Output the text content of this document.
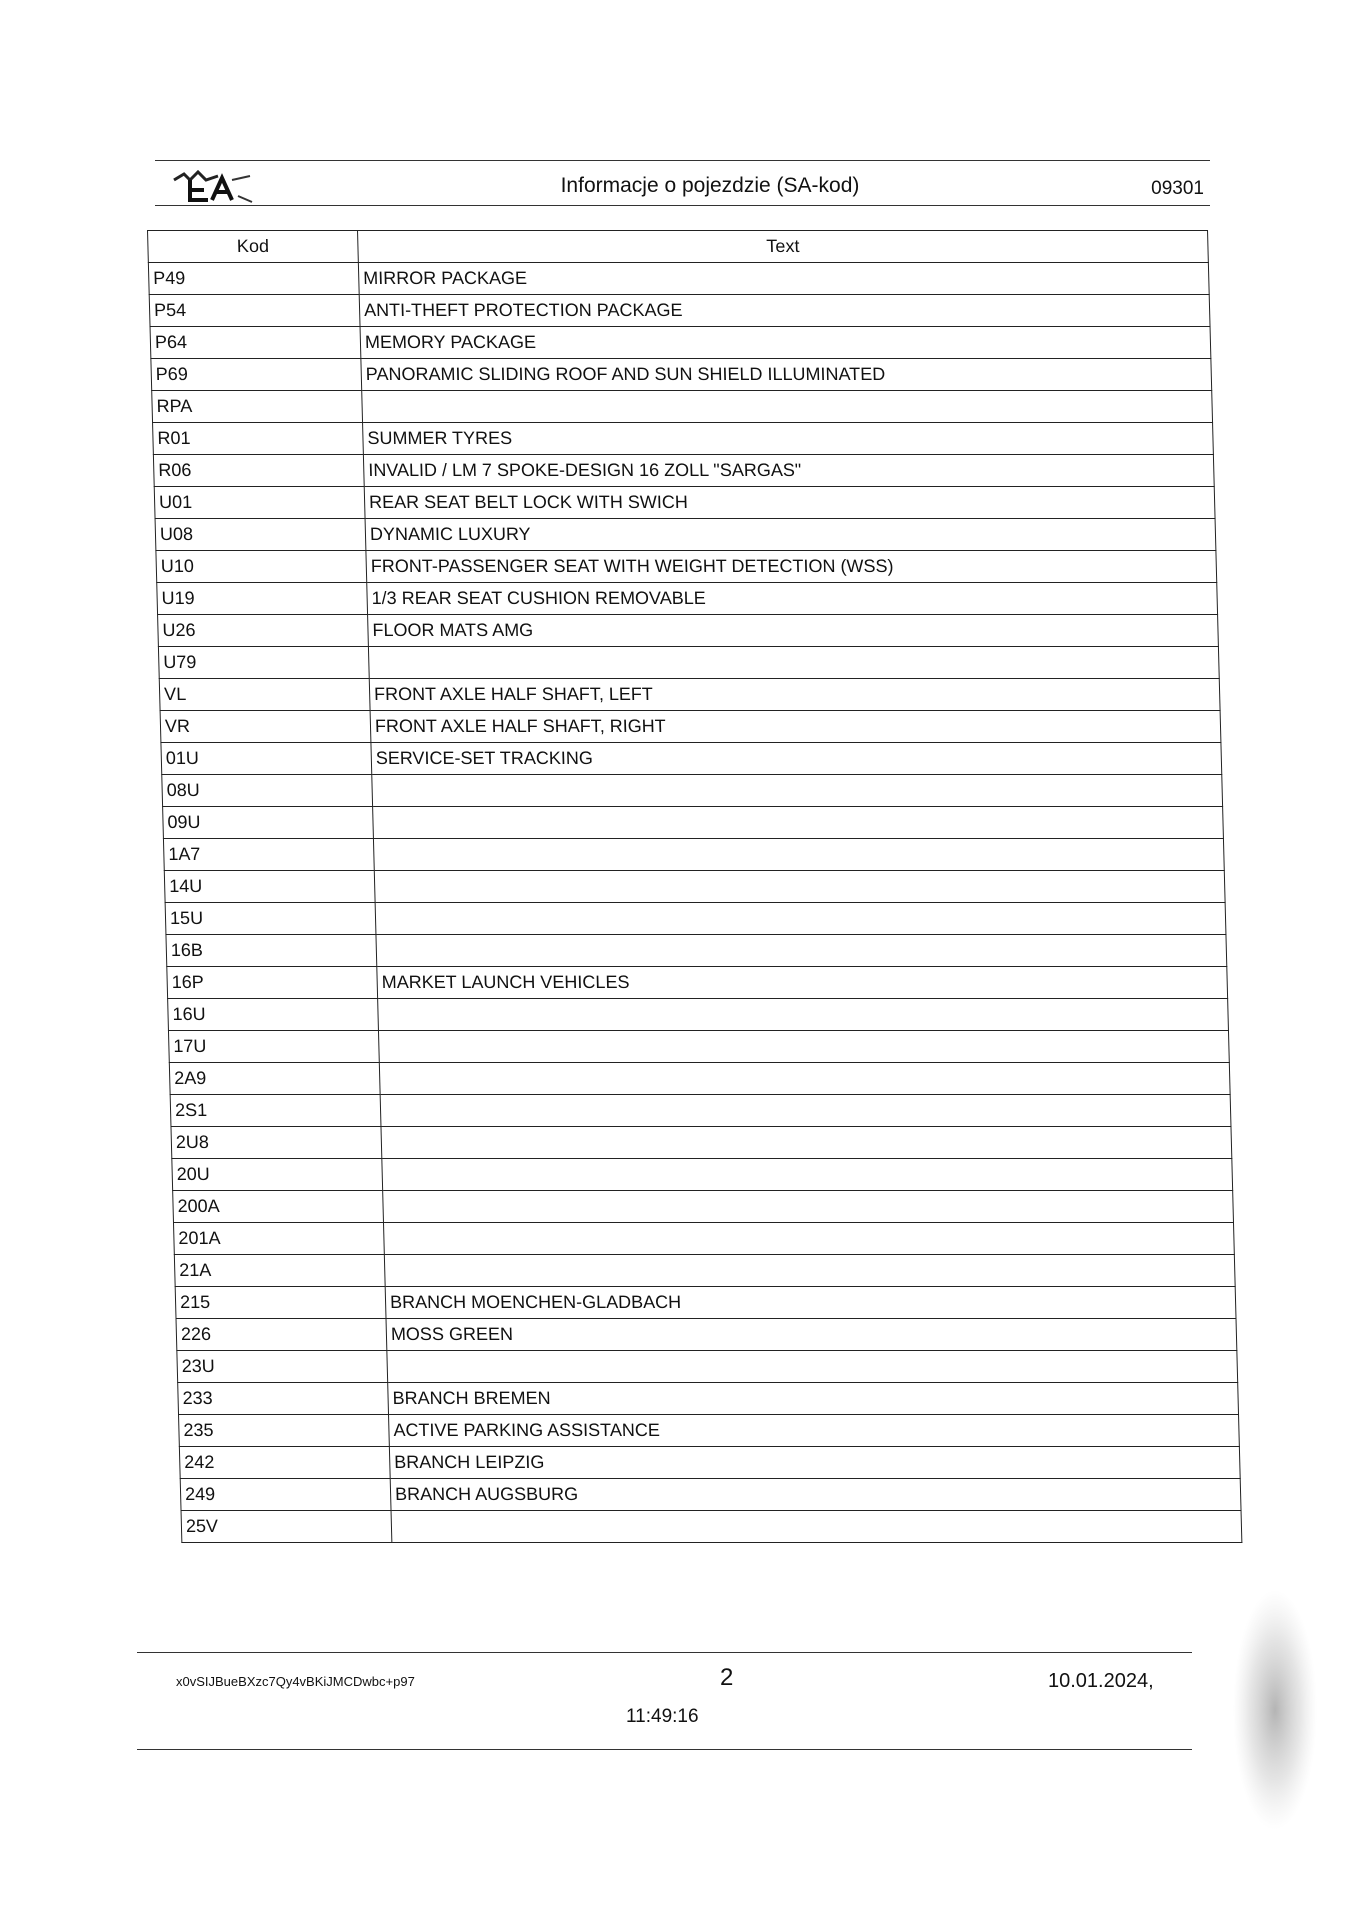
Informacje o pojezdzie (SA-kod)	09301
Kod	Text
P49	MIRROR PACKAGE
P54	ANTI-THEFT PROTECTION PACKAGE
P64	MEMORY PACKAGE
P69	PANORAMIC SLIDING ROOF AND SUN SHIELD ILLUMINATED
RPA	
R01	SUMMER TYRES
R06	INVALID / LM 7 SPOKE-DESIGN 16 ZOLL "SARGAS"
U01	REAR SEAT BELT LOCK WITH SWICH
U08	DYNAMIC LUXURY
U10	FRONT-PASSENGER SEAT WITH WEIGHT DETECTION (WSS)
U19	1/3 REAR SEAT CUSHION REMOVABLE
U26	FLOOR MATS AMG
U79	
VL	FRONT AXLE HALF SHAFT, LEFT
VR	FRONT AXLE HALF SHAFT, RIGHT
01U	SERVICE-SET TRACKING
08U	
09U	
1A7	
14U	
15U	
16B	
16P	MARKET LAUNCH VEHICLES
16U	
17U	
2A9	
2S1	
2U8	
20U	
200A	
201A	
21A	
215	BRANCH MOENCHEN-GLADBACH
226	MOSS GREEN
23U	
233	BRANCH BREMEN
235	ACTIVE PARKING ASSISTANCE
242	BRANCH LEIPZIG
249	BRANCH AUGSBURG
25V	
x0vSIJBueBXzc7Qy4vBKiJMCDwbc+p97	2	10.01.2024,
11:49:16
